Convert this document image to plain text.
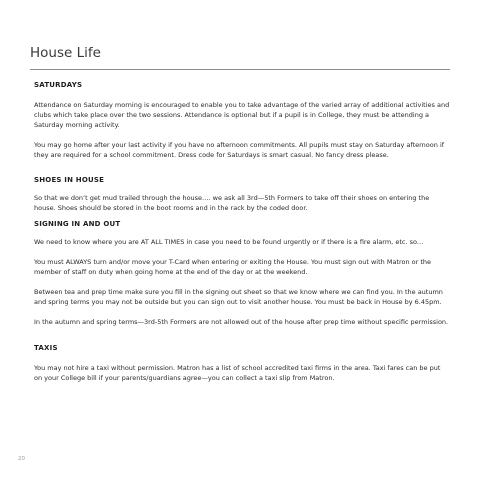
House Life
SATURDAYS

Attendance on Saturday morning is encouraged to enable you to take advantage of the varied array of additional activities and clubs which take place over the two sessions. Attendance is optional but if a pupil is in College, they must be attending a Saturday morning activity.

You may go home after your last activity if you have no afternoon commitments. All pupils must stay on Saturday afternoon if they are required for a school commitment. Dress code for Saturdays is smart casual. No fancy dress please.

SHOES IN HOUSE

So that we don’t get mud trailed through the house…. we ask all 3rd—5th Formers to take off their shoes on entering the house. Shoes should be stored in the boot rooms and in the rack by the coded door.

SIGNING IN AND OUT

We need to know where you are AT ALL TIMES in case you need to be found urgently or if there is a fire alarm, etc. so…

You must ALWAYS turn and/or move your T-Card when entering or exiting the House. You must sign out with Matron or the member of staff on duty when going home at the end of the day or at the weekend.

Between tea and prep time make sure you fill in the signing out sheet so that we know where we can find you. In the autumn and spring terms you may not be outside but you can sign out to visit another house. You must be back in House by 6.45pm.

In the autumn and spring terms—3rd-5th Formers are not allowed out of the house after prep time without specific permission.

TAXIS

You may not hire a taxi without permission. Matron has a list of school accredited taxi firms in the area. Taxi fares can be put on your College bill if your parents/guardians agree—you can collect a taxi slip from Matron.

20
